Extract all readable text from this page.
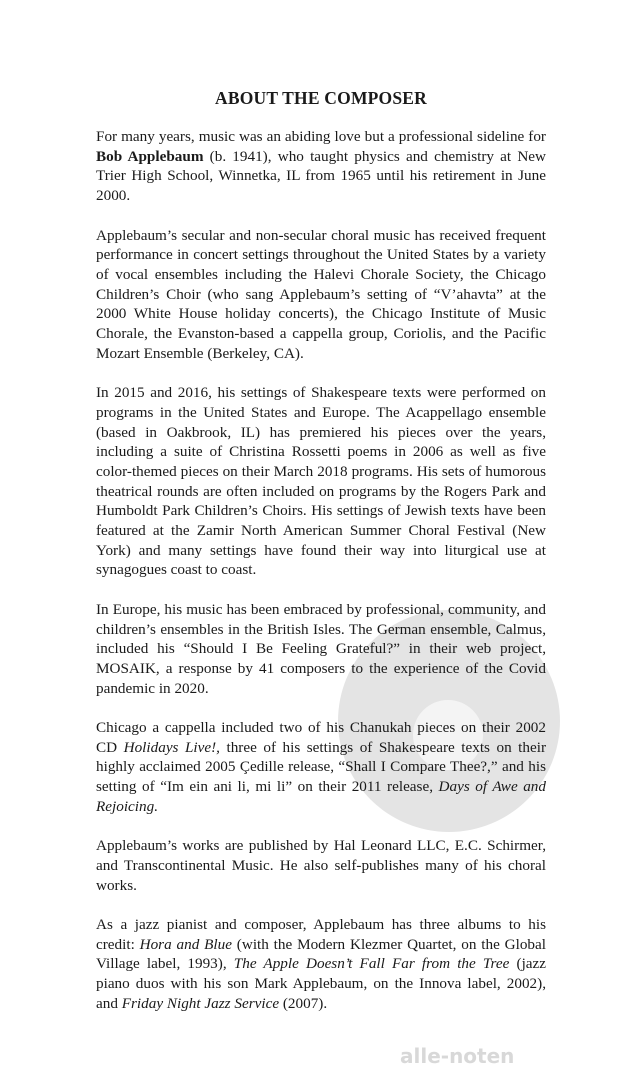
alle-noten
ABOUT THE COMPOSER

For many years, music was an abiding love but a professional sideline for Bob Applebaum (b. 1941), who taught physics and chemistry at New Trier High School, Winnetka, IL from 1965 until his retirement in June 2000.

Applebaum’s secular and non-secular choral music has received frequent performance in concert settings throughout the United States by a variety of vocal ensembles including the Halevi Chorale Society, the Chicago Children’s Choir (who sang Applebaum’s setting of “V’ahavta” at the 2000 White House holiday concerts), the Chicago Institute of Music Chorale, the Evanston-based a cappella group, Coriolis, and the Pacific Mozart Ensemble (Berkeley, CA).

In 2015 and 2016, his settings of Shakespeare texts were performed on programs in the United States and Europe. The Acappellago ensemble (based in Oakbrook, IL) has premiered his pieces over the years, including a suite of Christina Rossetti poems in 2006 as well as five color-themed pieces on their March 2018 programs. His sets of humorous theatrical rounds are often included on programs by the Rogers Park and Humboldt Park Children’s Choirs. His settings of Jewish texts have been featured at the Zamir North American Summer Choral Festival (New York) and many settings have found their way into liturgical use at synagogues coast to coast.

In Europe, his music has been embraced by professional, community, and children’s ensembles in the British Isles. The German ensemble, Calmus, included his “Should I Be Feeling Grateful?” in their web project, MOSAIK, a response by 41 composers to the experience of the Covid pandemic in 2020.

Chicago a cappella included two of his Chanukah pieces on their 2002 CD Holidays Live!, three of his settings of Shakespeare texts on their highly acclaimed 2005 Çedille release, “Shall I Compare Thee?,” and his setting of “Im ein ani li, mi li” on their 2011 release, Days of Awe and Rejoicing.

Applebaum’s works are published by Hal Leonard LLC, E.C. Schirmer, and Transcontinental Music. He also self-publishes many of his choral works.

As a jazz pianist and composer, Applebaum has three albums to his credit: Hora and Blue (with the Modern Klezmer Quartet, on the Global Village label, 1993), The Apple Doesn’t Fall Far from the Tree (jazz piano duos with his son Mark Applebaum, on the Innova label, 2002), and Friday Night Jazz Service (2007).
